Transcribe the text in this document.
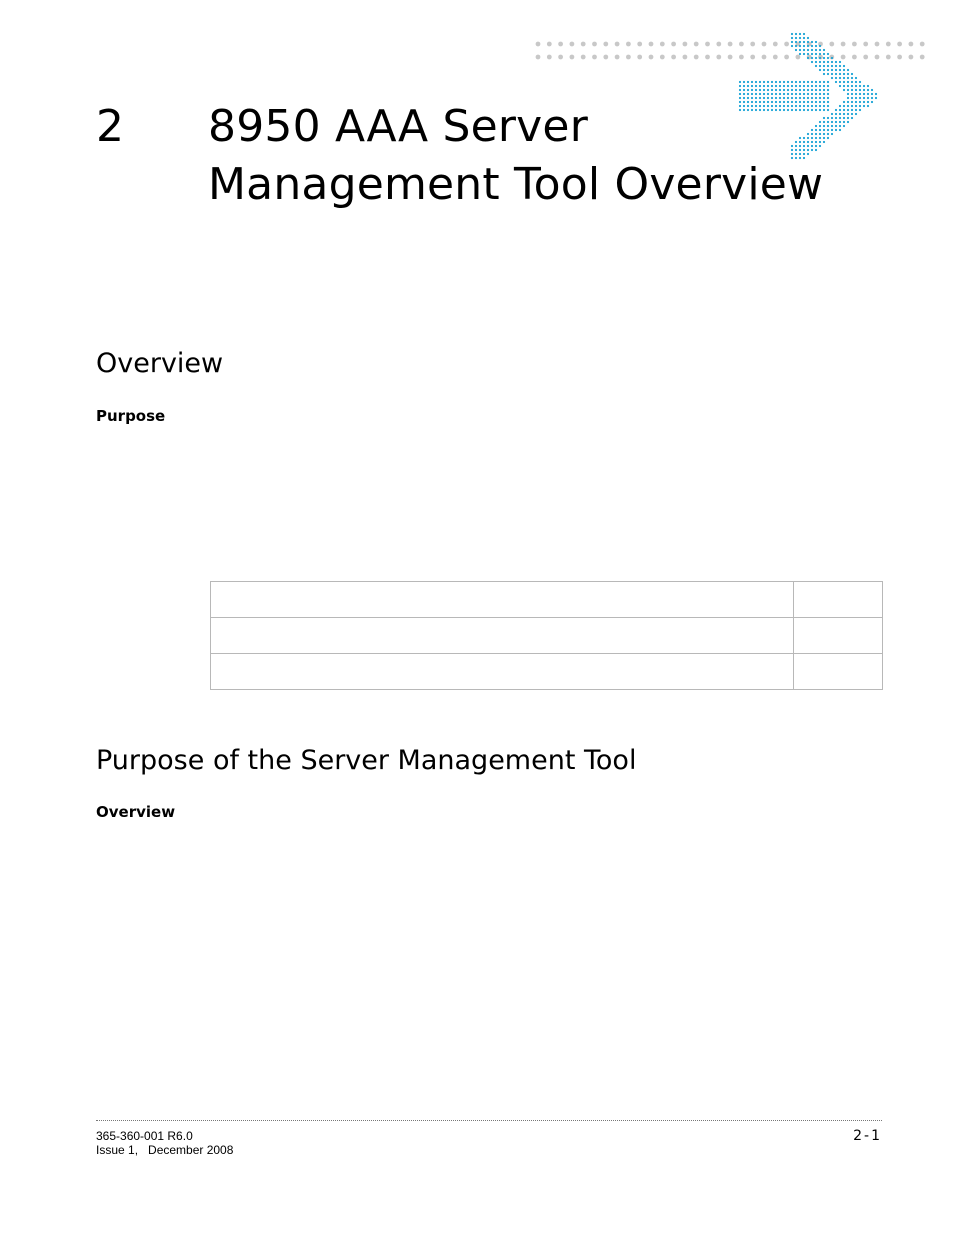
2 8950 AAA Server
Management Tool Overview
Overview
Purpose

Purpose of the Server Management Tool
Overview
365-360-001 R6.0
Issue 1,   December 2008
2-1
